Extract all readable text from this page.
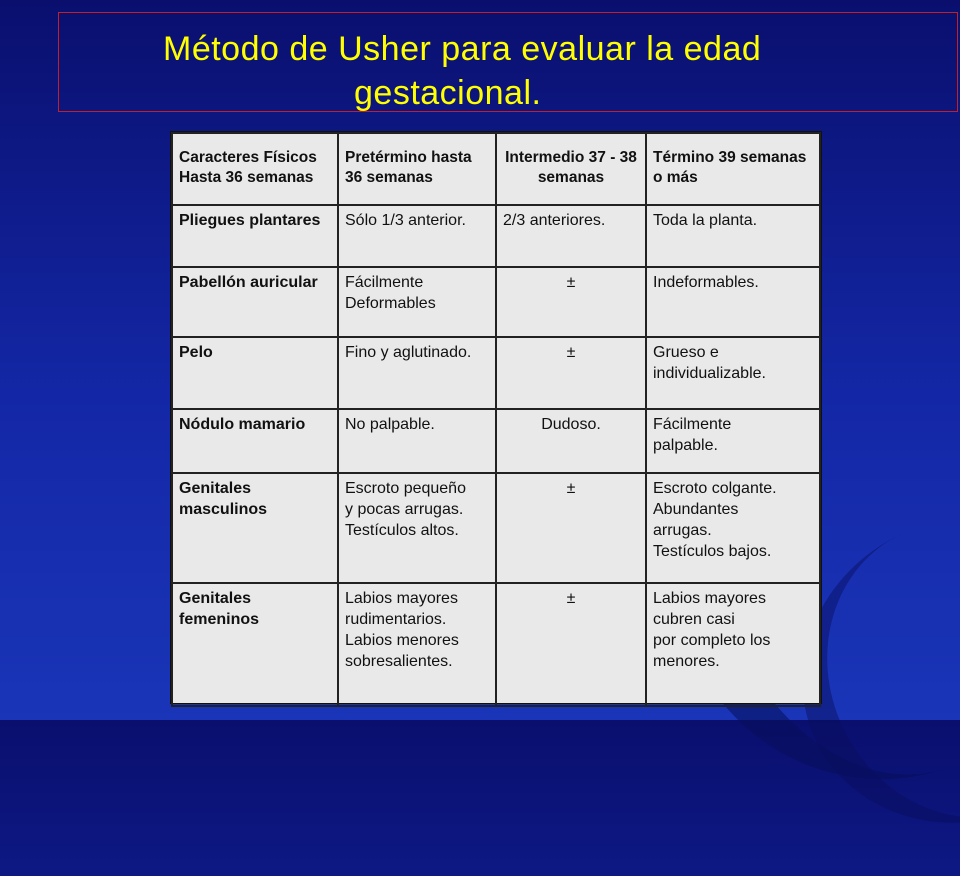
Método de Usher para evaluar la edad
gestacional.
Caracteres Físicos Hasta 36 semanas	Pretérmino hasta 36 semanas	Intermedio 37 - 38 semanas	Término 39 semanas o más

Pliegues plantares	Sólo 1/3 anterior.	2/3 anteriores.	Toda la planta.

Pabellón auricular	Fácilmente
Deformables	±	Indeformables.

Pelo	Fino y aglutinado.	±	Grueso e
individualizable.

Nódulo mamario	No palpable.	Dudoso.	Fácilmente
palpable.

Genitales
masculinos	Escroto pequeño
y pocas arrugas.
Testículos altos.	±	Escroto colgante.
Abundantes
arrugas.
Testículos bajos.

Genitales
femeninos	Labios mayores
rudimentarios.
Labios menores
sobresalientes.	±	Labios mayores
cubren casi
por completo los
menores.
